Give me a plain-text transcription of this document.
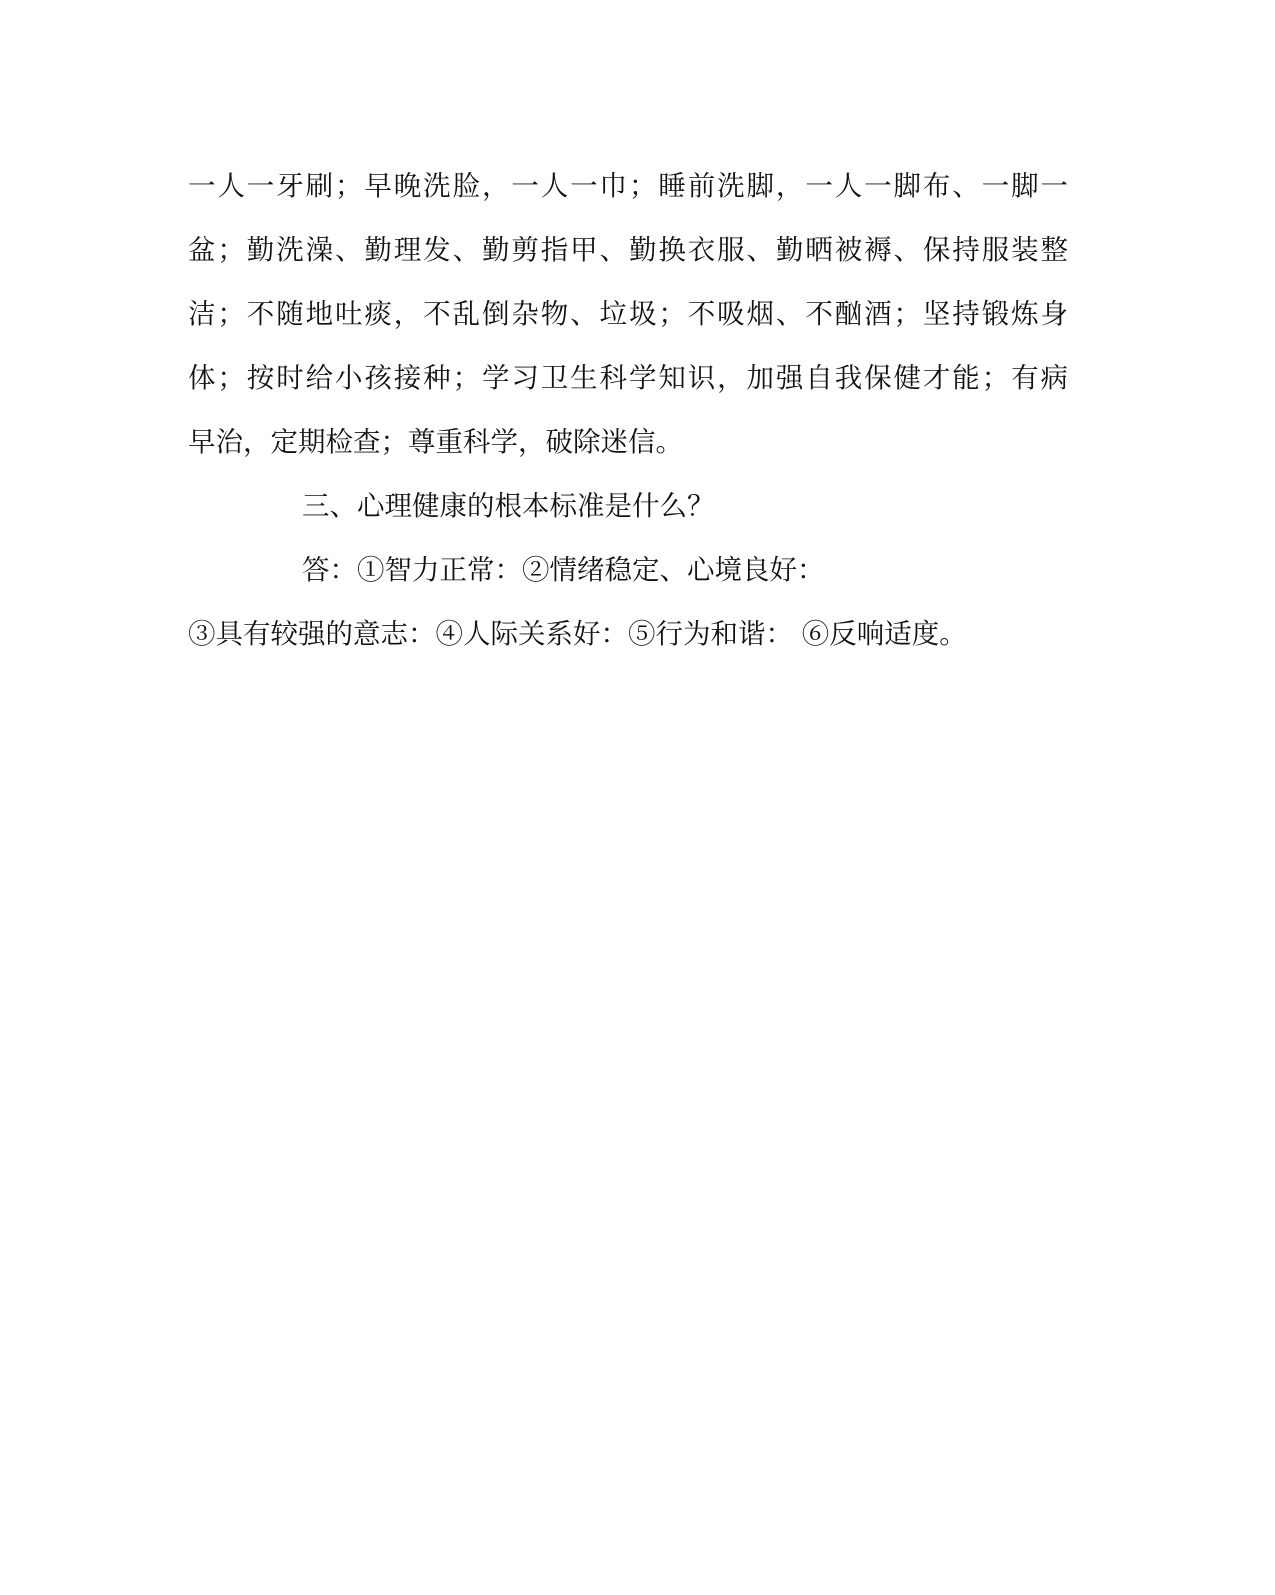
一人一牙刷；早晚洗脸，一人一巾；睡前洗脚，一人一脚布、一脚一
盆；勤洗澡、勤理发、勤剪指甲、勤换衣服、勤晒被褥、保持服装整
洁；不随地吐痰，不乱倒杂物、垃圾；不吸烟、不酗酒；坚持锻炼身
体；按时给小孩接种；学习卫生科学知识，加强自我保健才能；有病
早治，定期检查；尊重科学，破除迷信。
三、心理健康的根本标准是什么？
答：①智力正常：②情绪稳定、心境良好：
③具有较强的意志：④人际关系好：⑤行为和谐： ⑥反响适度。
